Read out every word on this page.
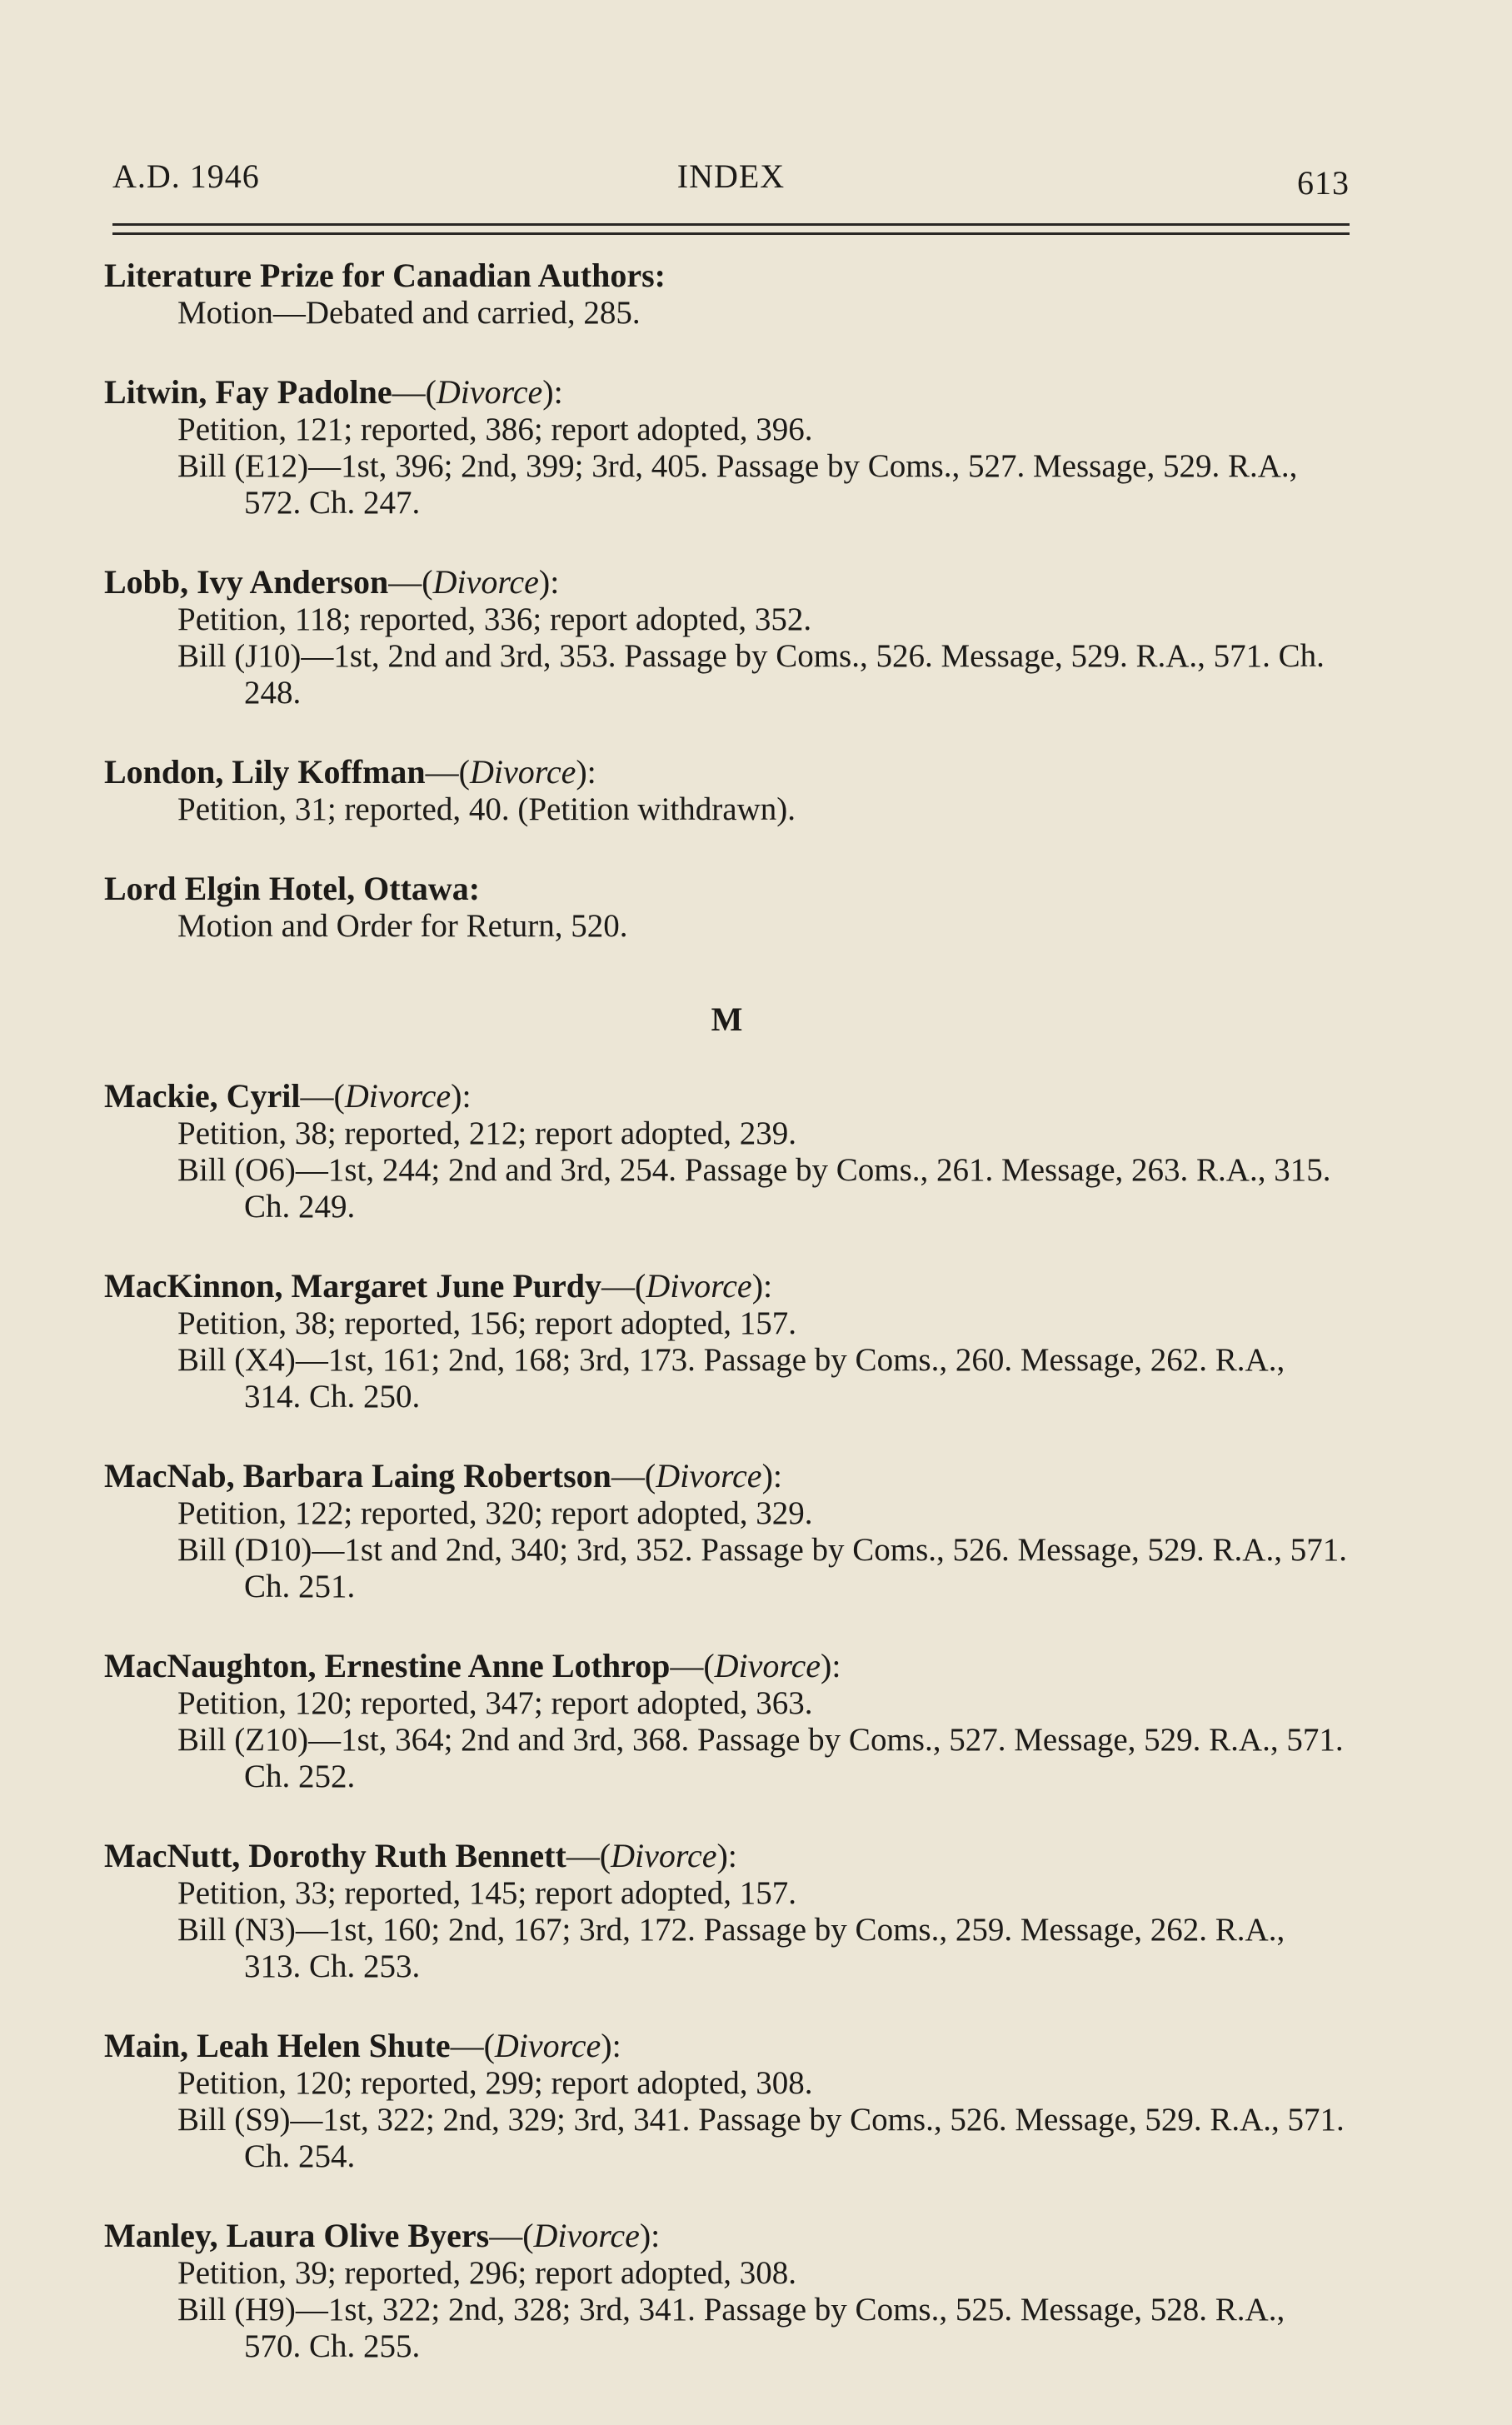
A.D. 1946	INDEX	613

Literature Prize for Canadian Authors:

Motion—Debated and carried, 285.

Litwin, Fay Padolne—(Divorce):

Petition, 121; reported, 386; report adopted, 396.

Bill (E12)—1st, 396; 2nd, 399; 3rd, 405. Passage by Coms., 527. Message, 529. R.A., 572. Ch. 247.

Lobb, Ivy Anderson—(Divorce):

Petition, 118; reported, 336; report adopted, 352.

Bill (J10)—1st, 2nd and 3rd, 353. Passage by Coms., 526. Message, 529. R.A., 571. Ch. 248.

London, Lily Koffman—(Divorce):

Petition, 31; reported, 40. (Petition withdrawn).

Lord Elgin Hotel, Ottawa:

Motion and Order for Return, 520.

M

Mackie, Cyril—(Divorce):

Petition, 38; reported, 212; report adopted, 239.

Bill (O6)—1st, 244; 2nd and 3rd, 254. Passage by Coms., 261. Message, 263. R.A., 315. Ch. 249.

MacKinnon, Margaret June Purdy—(Divorce):

Petition, 38; reported, 156; report adopted, 157.

Bill (X4)—1st, 161; 2nd, 168; 3rd, 173. Passage by Coms., 260. Message, 262. R.A., 314. Ch. 250.

MacNab, Barbara Laing Robertson—(Divorce):

Petition, 122; reported, 320; report adopted, 329.

Bill (D10)—1st and 2nd, 340; 3rd, 352. Passage by Coms., 526. Message, 529. R.A., 571. Ch. 251.

MacNaughton, Ernestine Anne Lothrop—(Divorce):

Petition, 120; reported, 347; report adopted, 363.

Bill (Z10)—1st, 364; 2nd and 3rd, 368. Passage by Coms., 527. Message, 529. R.A., 571. Ch. 252.

MacNutt, Dorothy Ruth Bennett—(Divorce):

Petition, 33; reported, 145; report adopted, 157.

Bill (N3)—1st, 160; 2nd, 167; 3rd, 172. Passage by Coms., 259. Message, 262. R.A., 313. Ch. 253.

Main, Leah Helen Shute—(Divorce):

Petition, 120; reported, 299; report adopted, 308.

Bill (S9)—1st, 322; 2nd, 329; 3rd, 341. Passage by Coms., 526. Message, 529. R.A., 571. Ch. 254.

Manley, Laura Olive Byers—(Divorce):

Petition, 39; reported, 296; report adopted, 308.

Bill (H9)—1st, 322; 2nd, 328; 3rd, 341. Passage by Coms., 525. Message, 528. R.A., 570. Ch. 255.
